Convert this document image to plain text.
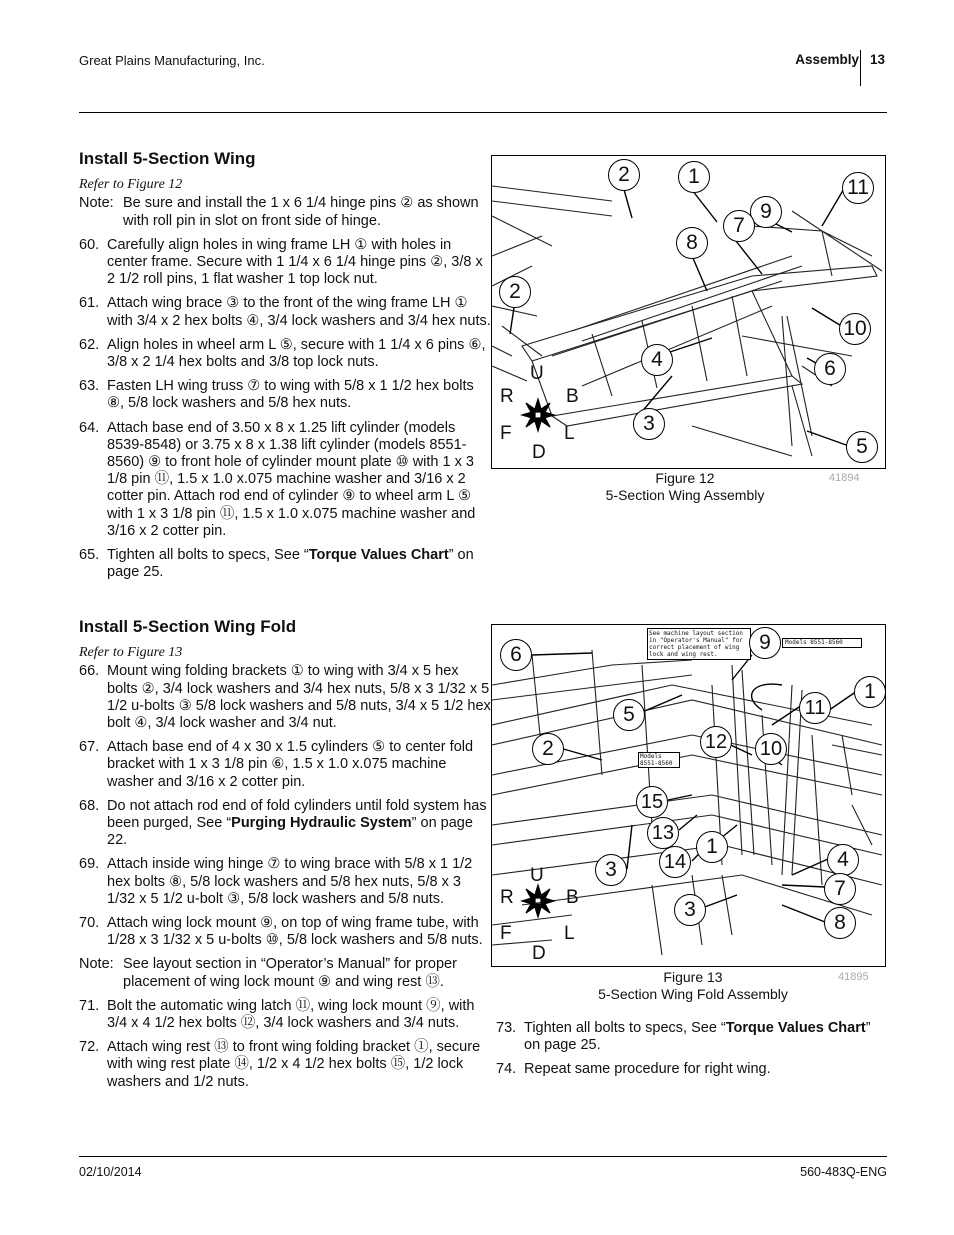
Great Plains Manufacturing, Inc.	Assembly 13
Install 5-Section Wing
Refer to Figure 12
Note: Be sure and install the 1 x 6 1/4 hinge pins ② as shown with roll pin in slot on front side of hinge.
60. Carefully align holes in wing frame LH ① with holes in center frame. Secure with 1 1/4 x 6 1/4 hinge pins ②, 3/8 x 2 1/2 roll pins, 1 flat washer 1 top lock nut.
61. Attach wing brace ③ to the front of the wing frame LH ① with 3/4 x 2 hex bolts ④, 3/4 lock washers and 3/4 hex nuts.
62. Align holes in wheel arm L ⑤, secure with 1 1/4 x 6 pins ⑥, 3/8 x 2 1/4 hex bolts and 3/8 top lock nuts.
63. Fasten LH wing truss ⑦ to wing with 5/8 x 1 1/2 hex bolts ⑧, 5/8 lock washers and 5/8 hex nuts.
64. Attach base end of 3.50 x 8 x 1.25 lift cylinder (models 8539-8548) or 3.75 x 8 x 1.38 lift cylinder (models 8551-8560) ⑨ to front hole of cylinder mount plate ⑩ with 1 x 3 1/8 pin ⑪, 1.5 x 1.0 x.075 machine washer and 3/16 x 2 cotter pin. Attach rod end of cylinder ⑨ to wheel arm L ⑤ with 1 x 3 1/8 pin ⑪, 1.5 x 1.0 x.075 machine washer and 3/16 x 2 cotter pin.
65. Tighten all bolts to specs, See “Torque Values Chart” on page 25.
Install 5-Section Wing Fold
Refer to Figure 13
66. Mount wing folding brackets ① to wing with 3/4 x 5 hex bolts ②, 3/4 lock washers and 3/4 hex nuts, 5/8 x 3 1/32 x 5 1/2 u-bolts ③ 5/8 lock washers and 5/8 nuts, 3/4 x 5 1/2 hex bolt ④, 3/4 lock washer and 3/4 nut.
67. Attach base end of 4 x 30 x 1.5 cylinders ⑤ to center fold bracket with 1 x 3 1/8 pin ⑥, 1.5 x 1.0 x.075 machine washer and 3/16 x 2 cotter pin.
68. Do not attach rod end of fold cylinders until fold system has been purged, See “Purging Hydraulic System” on page 22.
69. Attach inside wing hinge ⑦ to wing brace with 5/8 x 1 1/2 hex bolts ⑧, 5/8 lock washers and 5/8 hex nuts, 5/8 x 3 1/32 x 5 1/2 u-bolt ③, 5/8 lock washers and 5/8 nuts.
70. Attach wing lock mount ⑨, on top of wing frame tube, with 1/28 x 3 1/32 x 5 u-bolts ⑩, 5/8 lock washers and 5/8 nuts.
Note: See layout section in “Operator’s Manual” for proper placement of wing lock mount ⑨ and wing rest ⑬.
71. Bolt the automatic wing latch ⑪, wing lock mount ⑨, with 3/4 x 4 1/2 hex bolts ⑫, 3/4 lock washers and 3/4 nuts.
72. Attach wing rest ⑬ to front wing folding bracket ①, secure with wing rest plate ⑭, 1/2 x 4 1/2 hex bolts ⑮, 1/2 lock washers and 1/2 nuts.
2	1	11
9
7
8
2
10
4	6
3
5
U
R	B
F	L
D
Figure 12
5-Section Wing Assembly
41894
See machine layout section in "Operator's Manual" for correct placement of wing lock and wing rest.
Models 8551-8560
Models 8551-8560
6
9
1
5	11
2	12 10
15
13
1
14
3	4
7
3
8
U
R	B
F	L
D
Figure 13
5-Section Wing Fold Assembly
41895
73. Tighten all bolts to specs, See “Torque Values Chart” on page 25.
74. Repeat same procedure for right wing.
02/10/2014	560-483Q-ENG
